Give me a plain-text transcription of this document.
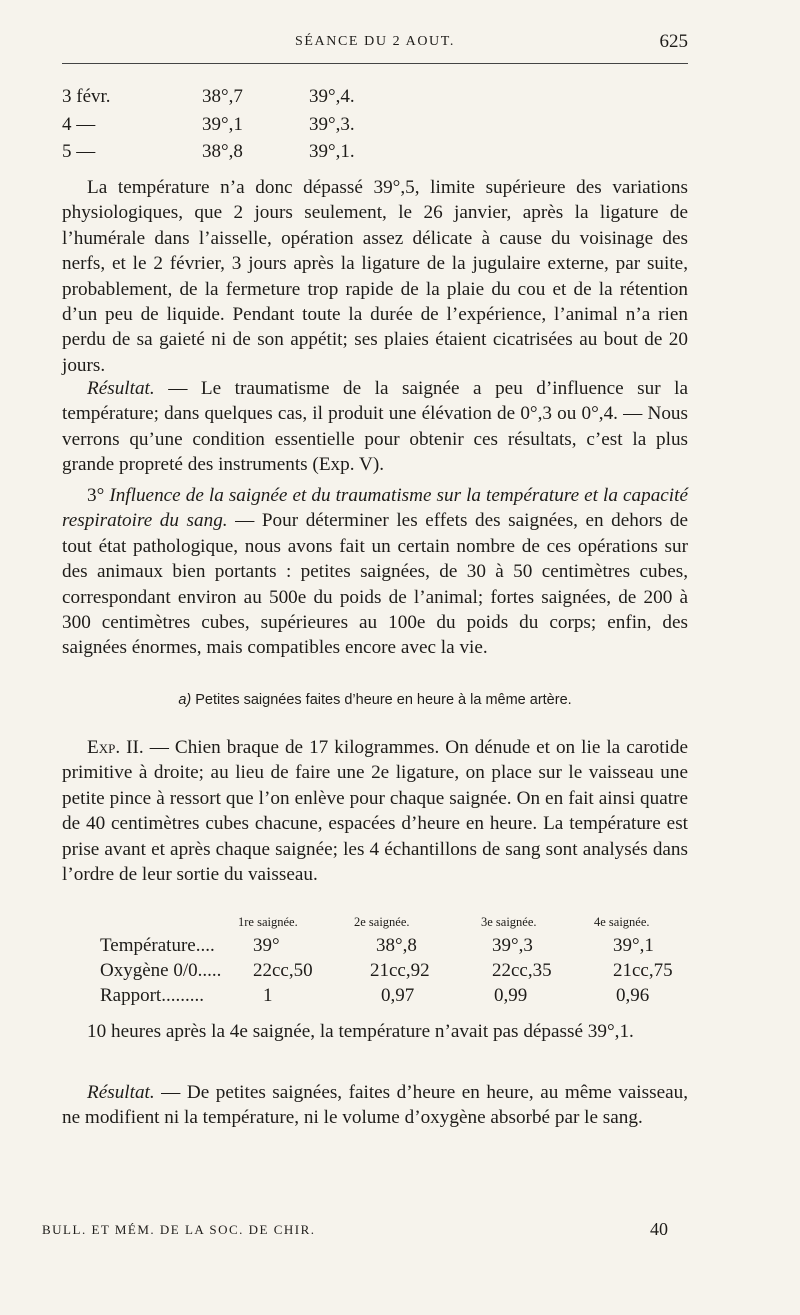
SÉANCE DU 2 AOUT.	625
3 févr.	38°,7	39°,4.
4 —	39°,1	39°,3.
5 —	38°,8	39°,1.

La température n’a donc dépassé 39°,5, limite supérieure des variations physiologiques, que 2 jours seulement, le 26 janvier, après la ligature de l’humérale dans l’aisselle, opération assez délicate à cause du voisinage des nerfs, et le 2 février, 3 jours après la ligature de la jugulaire externe, par suite, probablement, de la fermeture trop rapide de la plaie du cou et de la rétention d’un peu de liquide. Pendant toute la durée de l’expérience, l’animal n’a rien perdu de sa gaieté ni de son appétit; ses plaies étaient cicatrisées au bout de 20 jours.

Résultat. — Le traumatisme de la saignée a peu d’influence sur la température; dans quelques cas, il produit une élévation de 0°,3 ou 0°,4. — Nous verrons qu’une condition essentielle pour obtenir ces résultats, c’est la plus grande propreté des instruments (Exp. V).

3° Influence de la saignée et du traumatisme sur la température et la capacité respiratoire du sang. — Pour déterminer les effets des saignées, en dehors de tout état pathologique, nous avons fait un certain nombre de ces opérations sur des animaux bien portants : petites saignées, de 30 à 50 centimètres cubes, correspondant environ au 500e du poids de l’animal; fortes saignées, de 200 à 300 centimètres cubes, supérieures au 100e du poids du corps; enfin, des saignées énormes, mais compatibles encore avec la vie.

a) Petites saignées faites d’heure en heure à la même artère.

Exp. II. — Chien braque de 17 kilogrammes. On dénude et on lie la carotide primitive à droite; au lieu de faire une 2e ligature, on place sur le vaisseau une petite pince à ressort que l’on enlève pour chaque saignée. On en fait ainsi quatre de 40 centimètres cubes chacune, espacées d’heure en heure. La température est prise avant et après chaque saignée; les 4 échantillons de sang sont analysés dans l’ordre de leur sortie du vaisseau.

1re saignée.	2e saignée.	3e saignée.	4e saignée.
Température.... 39°	38°,8	39°,3	39°,1
Oxygène 0/0..... 22cc,50	21cc,92	22cc,35	21cc,75
Rapport.........	1	0,97	0,99	0,96

10 heures après la 4e saignée, la température n’avait pas dépassé 39°,1.

Résultat. — De petites saignées, faites d’heure en heure, au même vaisseau, ne modifient ni la température, ni le volume d’oxygène absorbé par le sang.

BULL. ET MÉM. DE LA SOC. DE CHIR.	40
